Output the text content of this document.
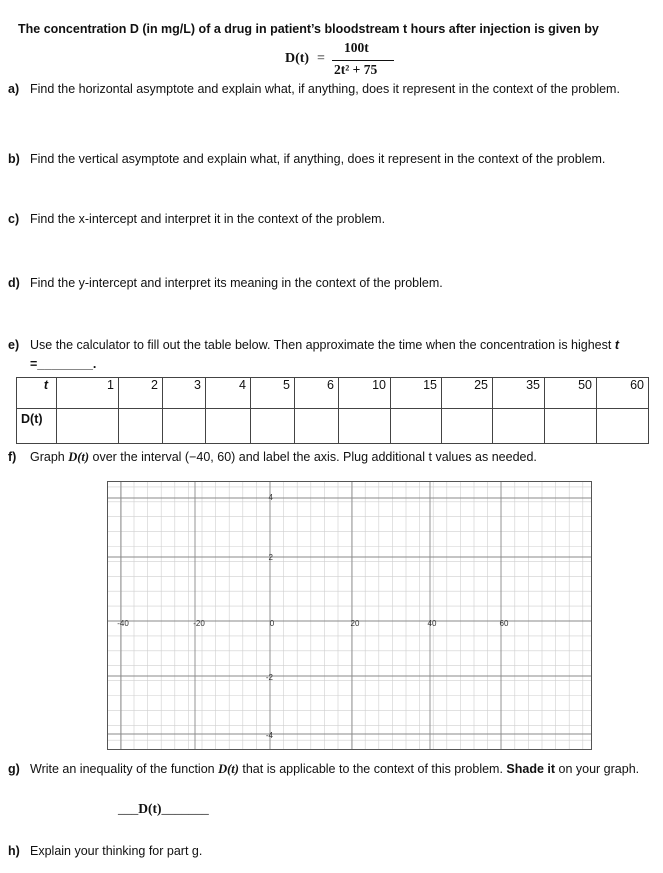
The concentration D (in mg/L) of a drug in patient’s bloodstream t hours after injection is given by
D(t) =
100t
2t² + 75
a) Find the horizontal asymptote and explain what, if anything, does it represent in the context of the problem.
b) Find the vertical asymptote and explain what, if anything, does it represent in the context of the problem.
c) Find the x-intercept and interpret it in the context of the problem.
d) Find the y-intercept and interpret its meaning in the context of the problem.
e) Use the calculator to fill out the table below. Then approximate the time when the concentration is highest t =________.
t	1	2	3	4	5	6	10	15	25	35	50	60
D(t)												
f) Graph D(t) over the interval (−40, 60) and label the axis. Plug additional t values as needed.
-40	-20	0	20	40	60
4
2
-2
-4
g) Write an inequality of the function D(t) that is applicable to the context of this problem. Shade it on your graph.
___D(t)_______
h) Explain your thinking for part g.
